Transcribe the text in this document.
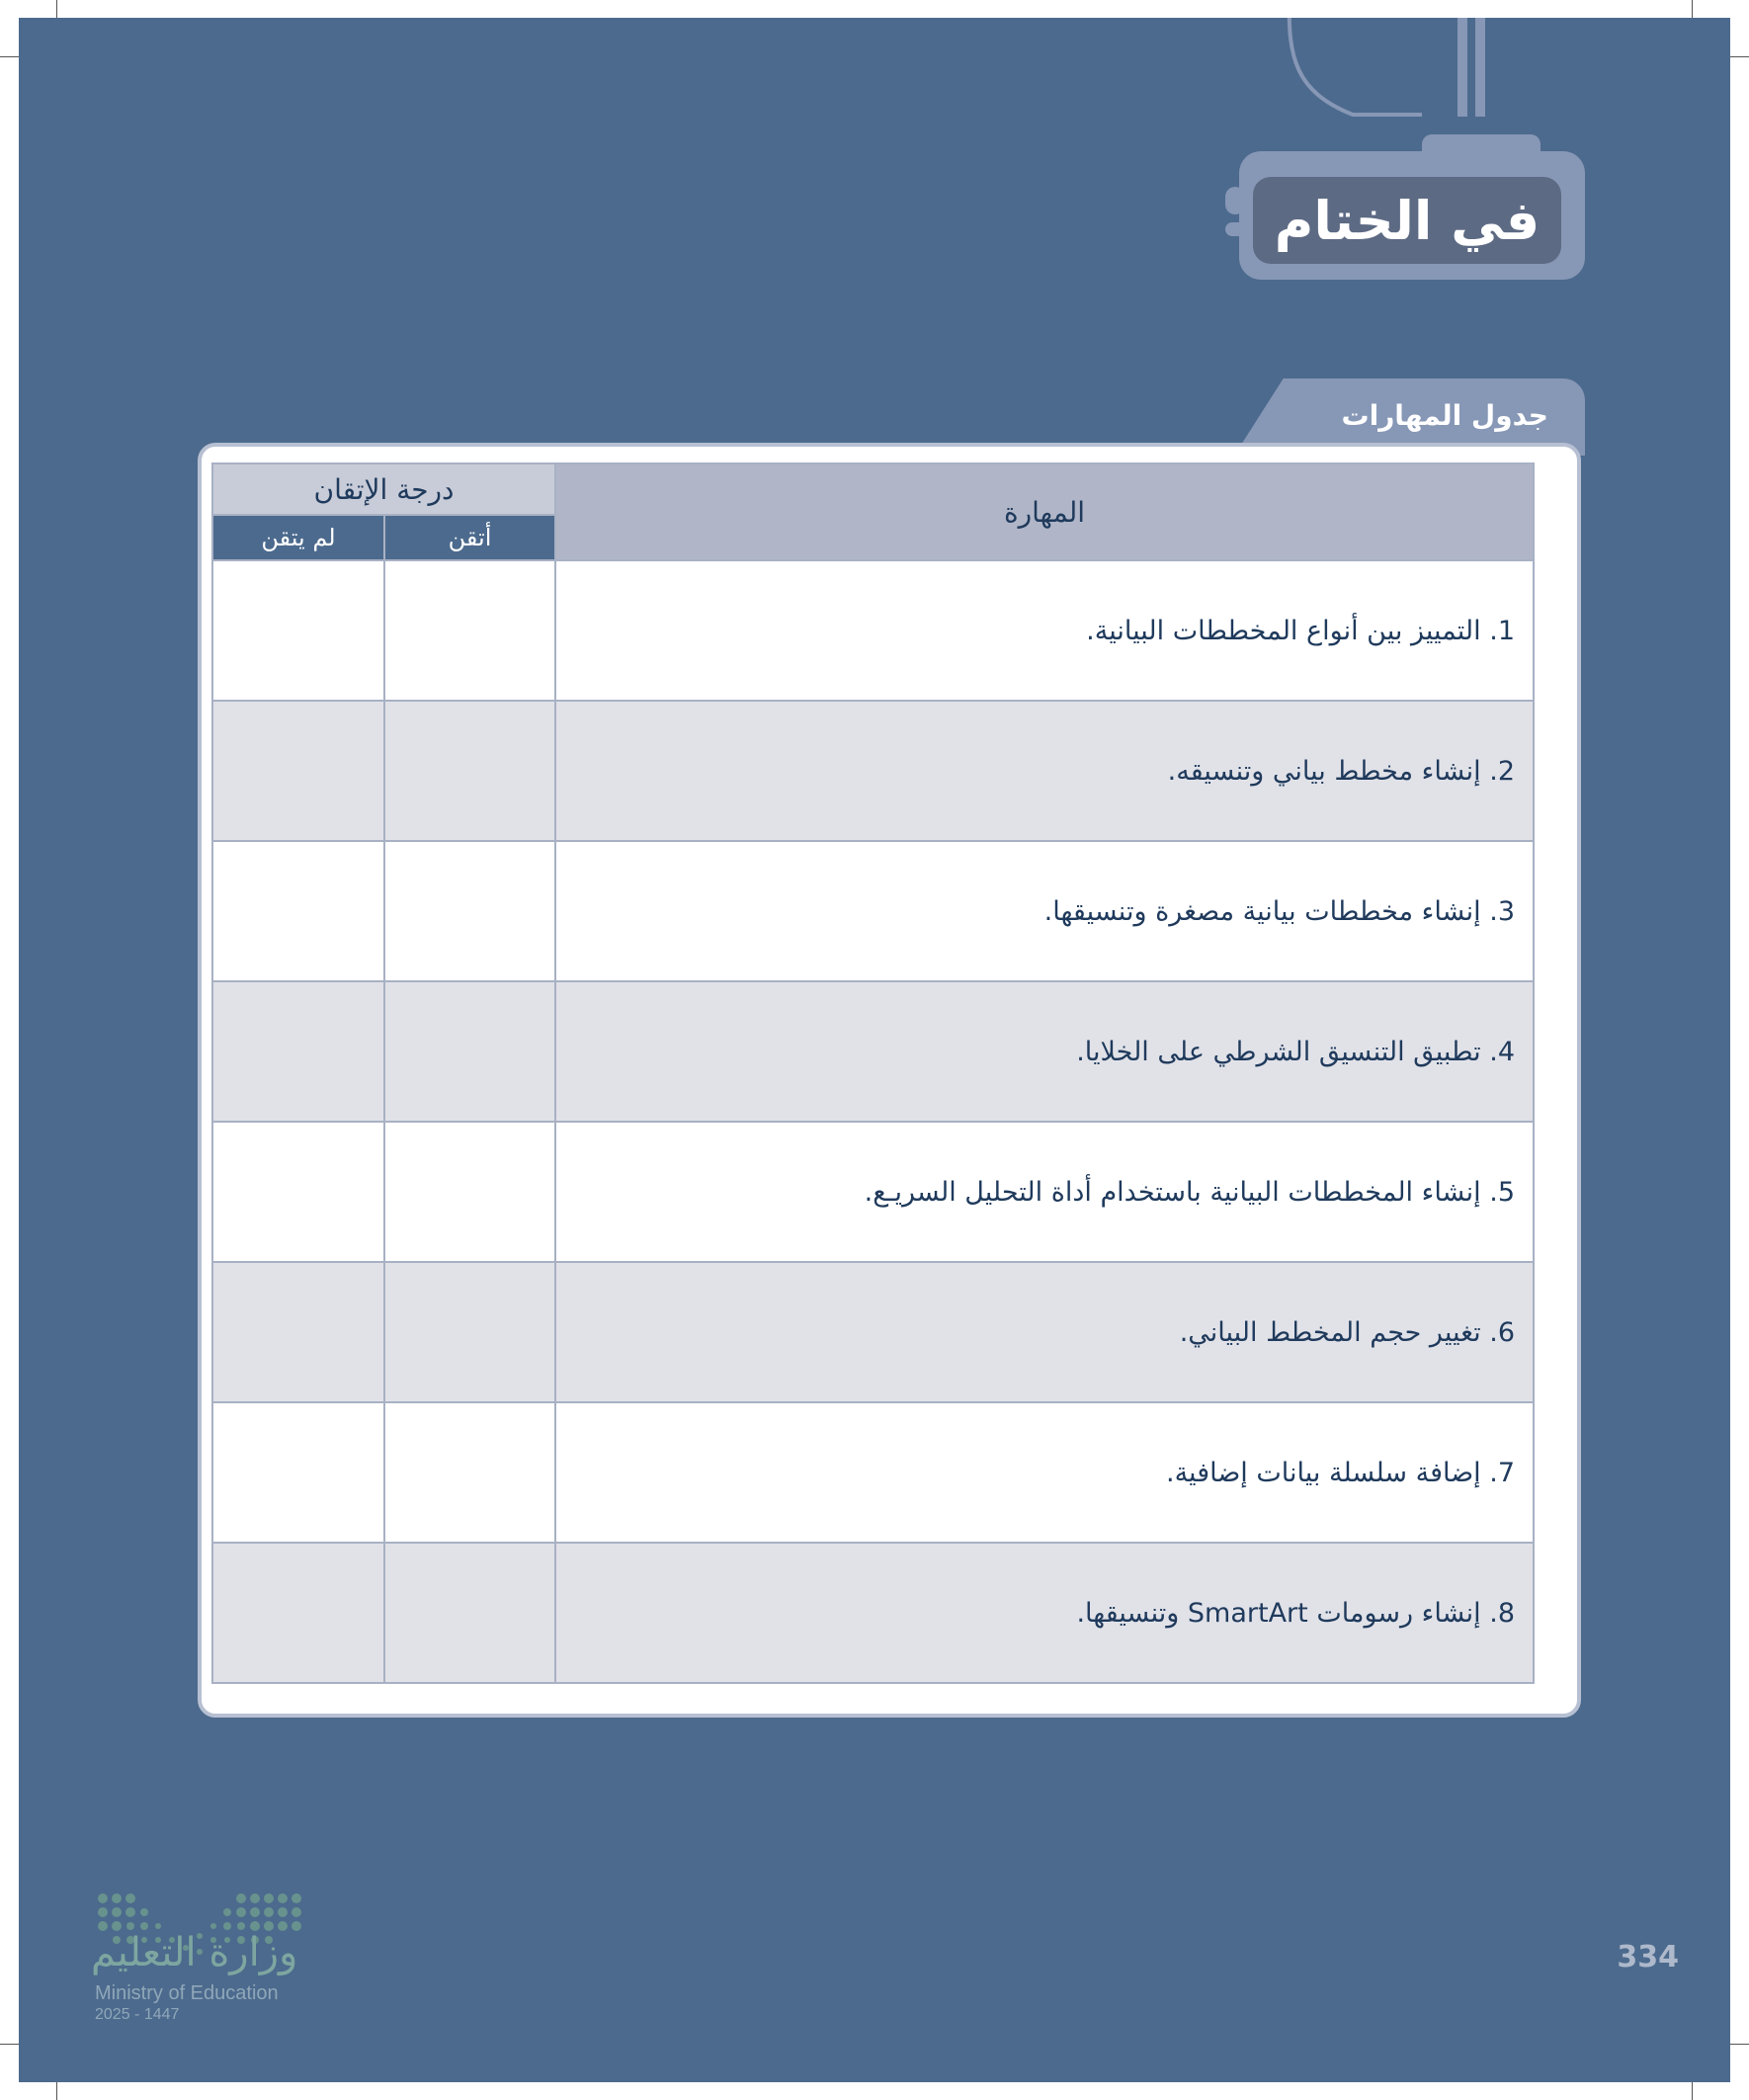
في الختام
جدول المهارات
المهارة	درجة الإتقان	
	أتقن	لم يتقن
1. التمييز بين أنواع المخططات البيانية.		
2. إنشاء مخطط بياني وتنسيقه.		
3. إنشاء مخططات بيانية مصغرة وتنسيقها.		
4. تطبيق التنسيق الشرطي على الخلايا.		
5. إنشاء المخططات البيانية باستخدام أداة التحليل السريـع.		
6. تغيير حجم المخطط البياني.		
7. إضافة سلسلة بيانات إضافية.		
8. إنشاء رسومات SmartArt وتنسيقها.		
وزارة التعليم
Ministry of Education
2025 - 1447
334
